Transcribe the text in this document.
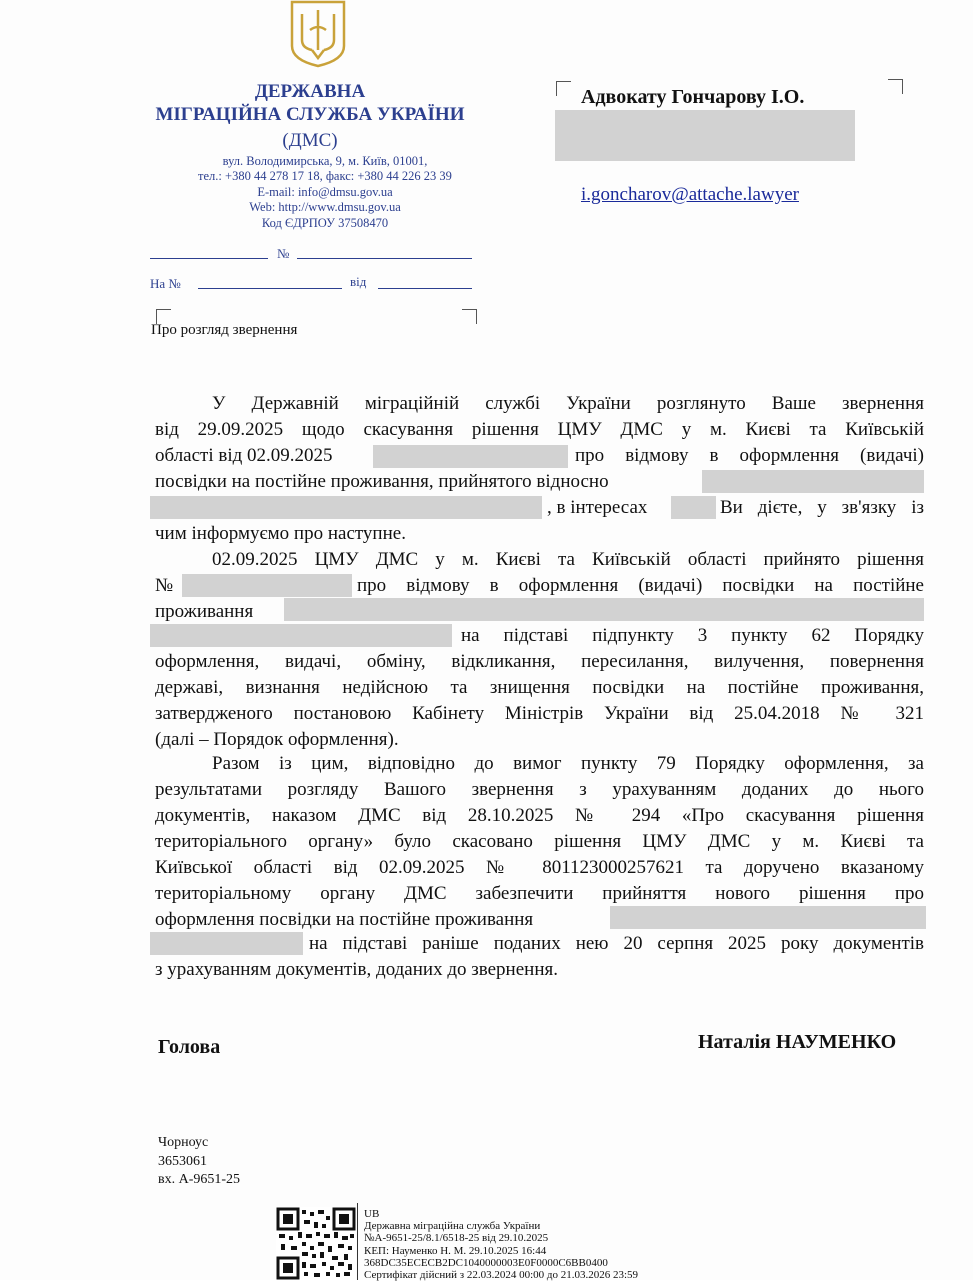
ДЕРЖАВНА
МІГРАЦІЙНА СЛУЖБА УКРАЇНИ
(ДМС)
вул. Володимирська, 9, м. Київ, 01001,
тел.: +380 44 278 17 18, факс: +380 44 226 23 39
E-mail: info@dmsu.gov.ua
Web: http://www.dmsu.gov.ua
Код ЄДРПОУ 37508470
№
На №	від
Про розгляд звернення
Адвокату Гончарову І.О.
i.goncharov@attache.lawyer
У Державній міграційній службі України розглянуто Ваше звернення
від 29.09.2025 щодо скасування рішення ЦМУ ДМС у м. Києві та Київській
області від 02.09.2025	про відмову в оформлення (видачі)
посвідки на постійне проживання, прийнятого відносно
, в інтересах	Ви дієте, у зв'язку із
чим інформуємо про наступне.
02.09.2025 ЦМУ ДМС у м. Києві та Київській області прийнято рішення
№	про відмову в оформлення (видачі) посвідки на постійне
проживання
на підставі підпункту 3 пункту 62 Порядку
оформлення, видачі, обміну, відкликання, пересилання, вилучення, повернення
державі, визнання недійсною та знищення посвідки на постійне проживання,
затвердженого постановою Кабінету Міністрів України від 25.04.2018 № 321
(далі – Порядок оформлення).
Разом із цим, відповідно до вимог пункту 79 Порядку оформлення, за
результатами розгляду Вашого звернення з урахуванням доданих до нього
документів, наказом ДМС від 28.10.2025 № 294 «Про скасування рішення
територіального органу» було скасовано рішення ЦМУ ДМС у м. Києві та
Київської області від 02.09.2025 № 801123000257621 та доручено вказаному
територіальному органу ДМС забезпечити прийняття нового рішення про
оформлення посвідки на постійне проживання
на підставі раніше поданих нею 20 серпня 2025 року документів
з урахуванням документів, доданих до звернення.
Голова	Наталія НАУМЕНКО
Чорноус
3653061
вх. А-9651-25
UB
Державна міграційна служба України
№А-9651-25/8.1/6518-25 від 29.10.2025
КЕП: Науменко Н. М. 29.10.2025 16:44
368DC35ECECB2DC1040000003E0F0000C6BB0400
Сертифікат дійсний з 22.03.2024 00:00 до 21.03.2026 23:59
